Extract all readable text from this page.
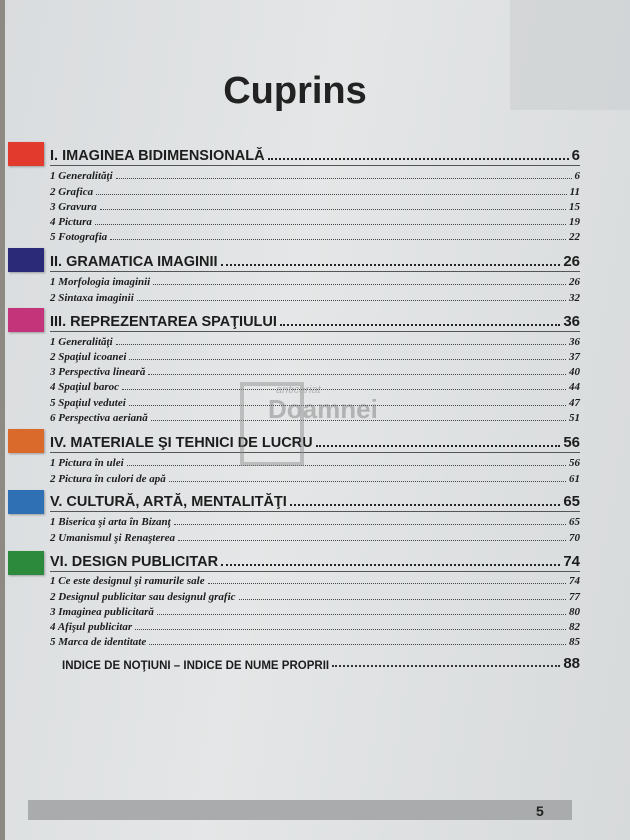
Cuprins
I. IMAGINEA BIDIMENSIONALĂ	6
1 Generalităţi	6
2 Grafica	11
3 Gravura	15
4 Pictura	19
5 Fotografia	22
II. GRAMATICA IMAGINII	26
1 Morfologia imaginii	26
2 Sintaxa imaginii	32
III. REPREZENTAREA SPAŢIULUI	36
1 Generalităţi	36
2 Spaţiul icoanei	37
3 Perspectiva lineară	40
4 Spaţiul baroc	44
5 Spaţiul vedutei	47
6 Perspectiva aeriană	51
IV. MATERIALE ŞI TEHNICI DE LUCRU	56
1 Pictura în ulei	56
2 Pictura în culori de apă	61
V. CULTURĂ, ARTĂ, MENTALITĂŢI	65
1 Biserica şi arta în Bizanţ	65
2 Umanismul şi Renaşterea	70
VI. DESIGN PUBLICITAR	74
1 Ce este designul şi ramurile sale	74
2 Designul publicitar sau designul grafic	77
3 Imaginea publicitară	80
4 Afişul publicitar	82
5 Marca de identitate	85
INDICE DE NOŢIUNI – INDICE DE NUME PROPRII	88
anticariat
Doamnei
5
